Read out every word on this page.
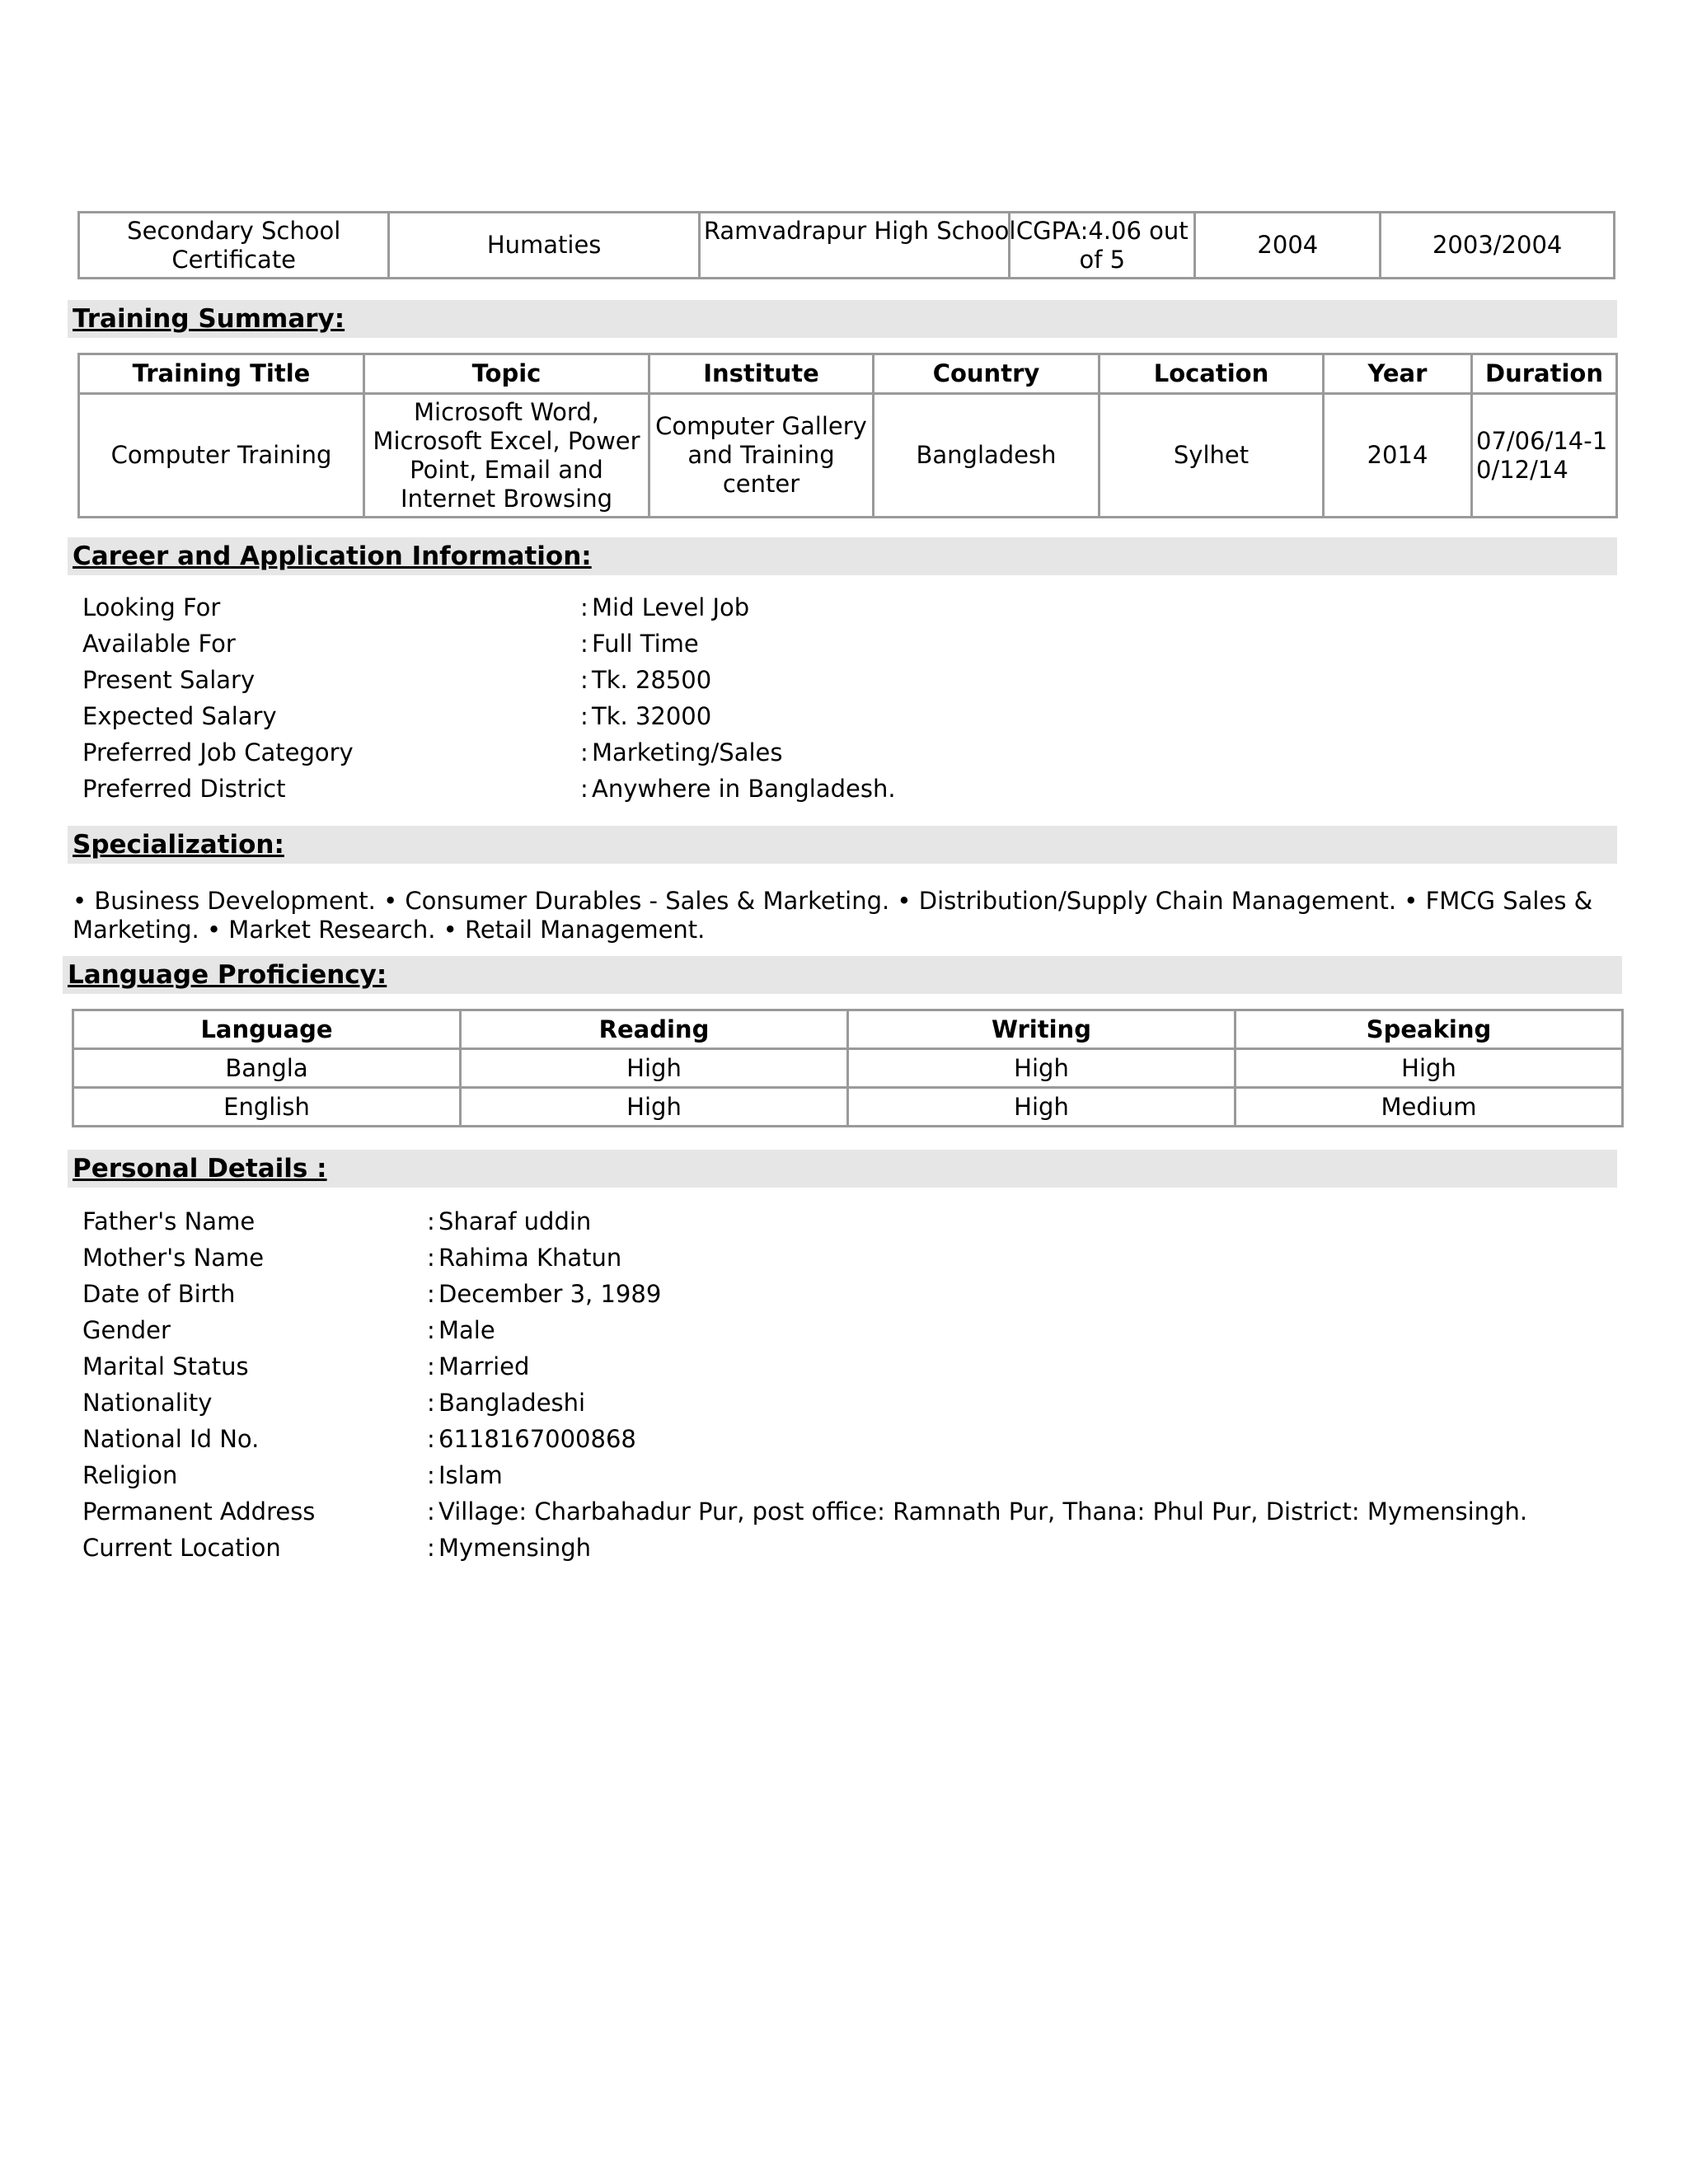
Secondary School Certificate	Humaties	Ramvadrapur High School	CGPA:4.06 out of 5	2004	2003/2004
Training Summary:
Training Title	Topic	Institute	Country	Location	Year	Duration
Computer Training	Microsoft Word, Microsoft Excel, Power Point, Email and Internet Browsing	Computer Gallery and Training center	Bangladesh	Sylhet	2014	07/06/14-10/12/14
Career and Application Information:
Looking For	: Mid Level Job
Available For	: Full Time
Present Salary	: Tk. 28500
Expected Salary	: Tk. 32000
Preferred Job Category	: Marketing/Sales
Preferred District	: Anywhere in Bangladesh.
Specialization:
• Business Development. • Consumer Durables - Sales & Marketing. • Distribution/Supply Chain Management. • FMCG Sales & Marketing. • Market Research. • Retail Management.
Language Proficiency:
Language	Reading	Writing	Speaking
Bangla	High	High	High
English	High	High	Medium
Personal Details :
Father's Name	: Sharaf uddin
Mother's Name	: Rahima Khatun
Date of Birth	: December 3, 1989
Gender	: Male
Marital Status	: Married
Nationality	: Bangladeshi
National Id No.	: 6118167000868
Religion	: Islam
Permanent Address	: Village: Charbahadur Pur, post office: Ramnath Pur, Thana: Phul Pur, District: Mymensingh.
Current Location	: Mymensingh
